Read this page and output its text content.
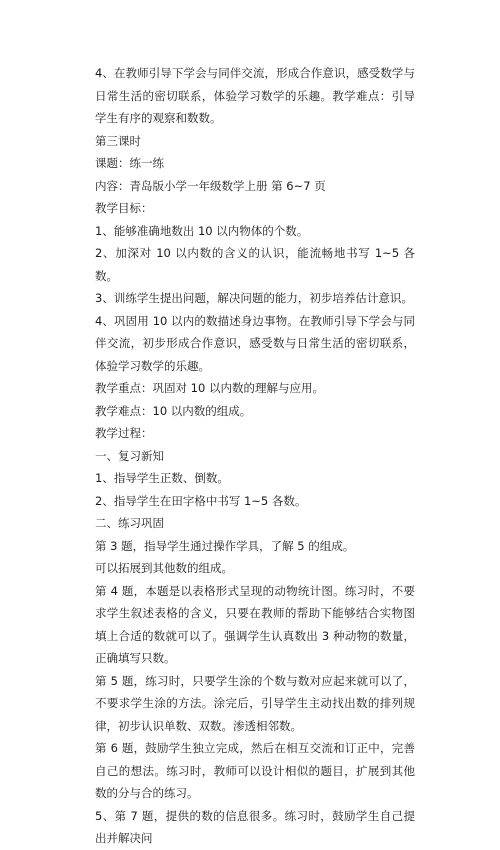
4、在教师引导下学会与同伴交流，形成合作意识，感受数学与日常生活的密切联系，体验学习数学的乐趣。教学难点：引导学生有序的观察和数数。

第三课时

课题：练一练

内容：青岛版小学一年级数学上册 第 6~7 页

教学目标：

1、能够准确地数出 10 以内物体的个数。

2、加深对 10 以内数的含义的认识，能流畅地书写 1~5 各数。

3、训练学生提出问题，解决问题的能力，初步培养估计意识。

4、巩固用 10 以内的数描述身边事物。在教师引导下学会与同伴交流，初步形成合作意识，感受数与日常生活的密切联系，体验学习数学的乐趣。

教学重点：巩固对 10 以内数的理解与应用。

教学难点：10 以内数的组成。

教学过程：

一、复习新知

1、指导学生正数、倒数。

2、指导学生在田字格中书写 1~5 各数。

二、练习巩固

第 3 题，指导学生通过操作学具，了解 5 的组成。

可以拓展到其他数的组成。

第 4 题，本题是以表格形式呈现的动物统计图。练习时，不要求学生叙述表格的含义，只要在教师的帮助下能够结合实物图填上合适的数就可以了。强调学生认真数出 3 种动物的数量，正确填写只数。

第 5 题，练习时，只要学生涂的个数与数对应起来就可以了，不要求学生涂的方法。涂完后，引导学生主动找出数的排列规律，初步认识单数、双数。渗透相邻数。

第 6 题，鼓励学生独立完成，然后在相互交流和订正中，完善自己的想法。练习时，教师可以设计相似的题目，扩展到其他数的分与合的练习。

5、第 7 题，提供的数的信息很多。练习时，鼓励学生自己提出并解决问
